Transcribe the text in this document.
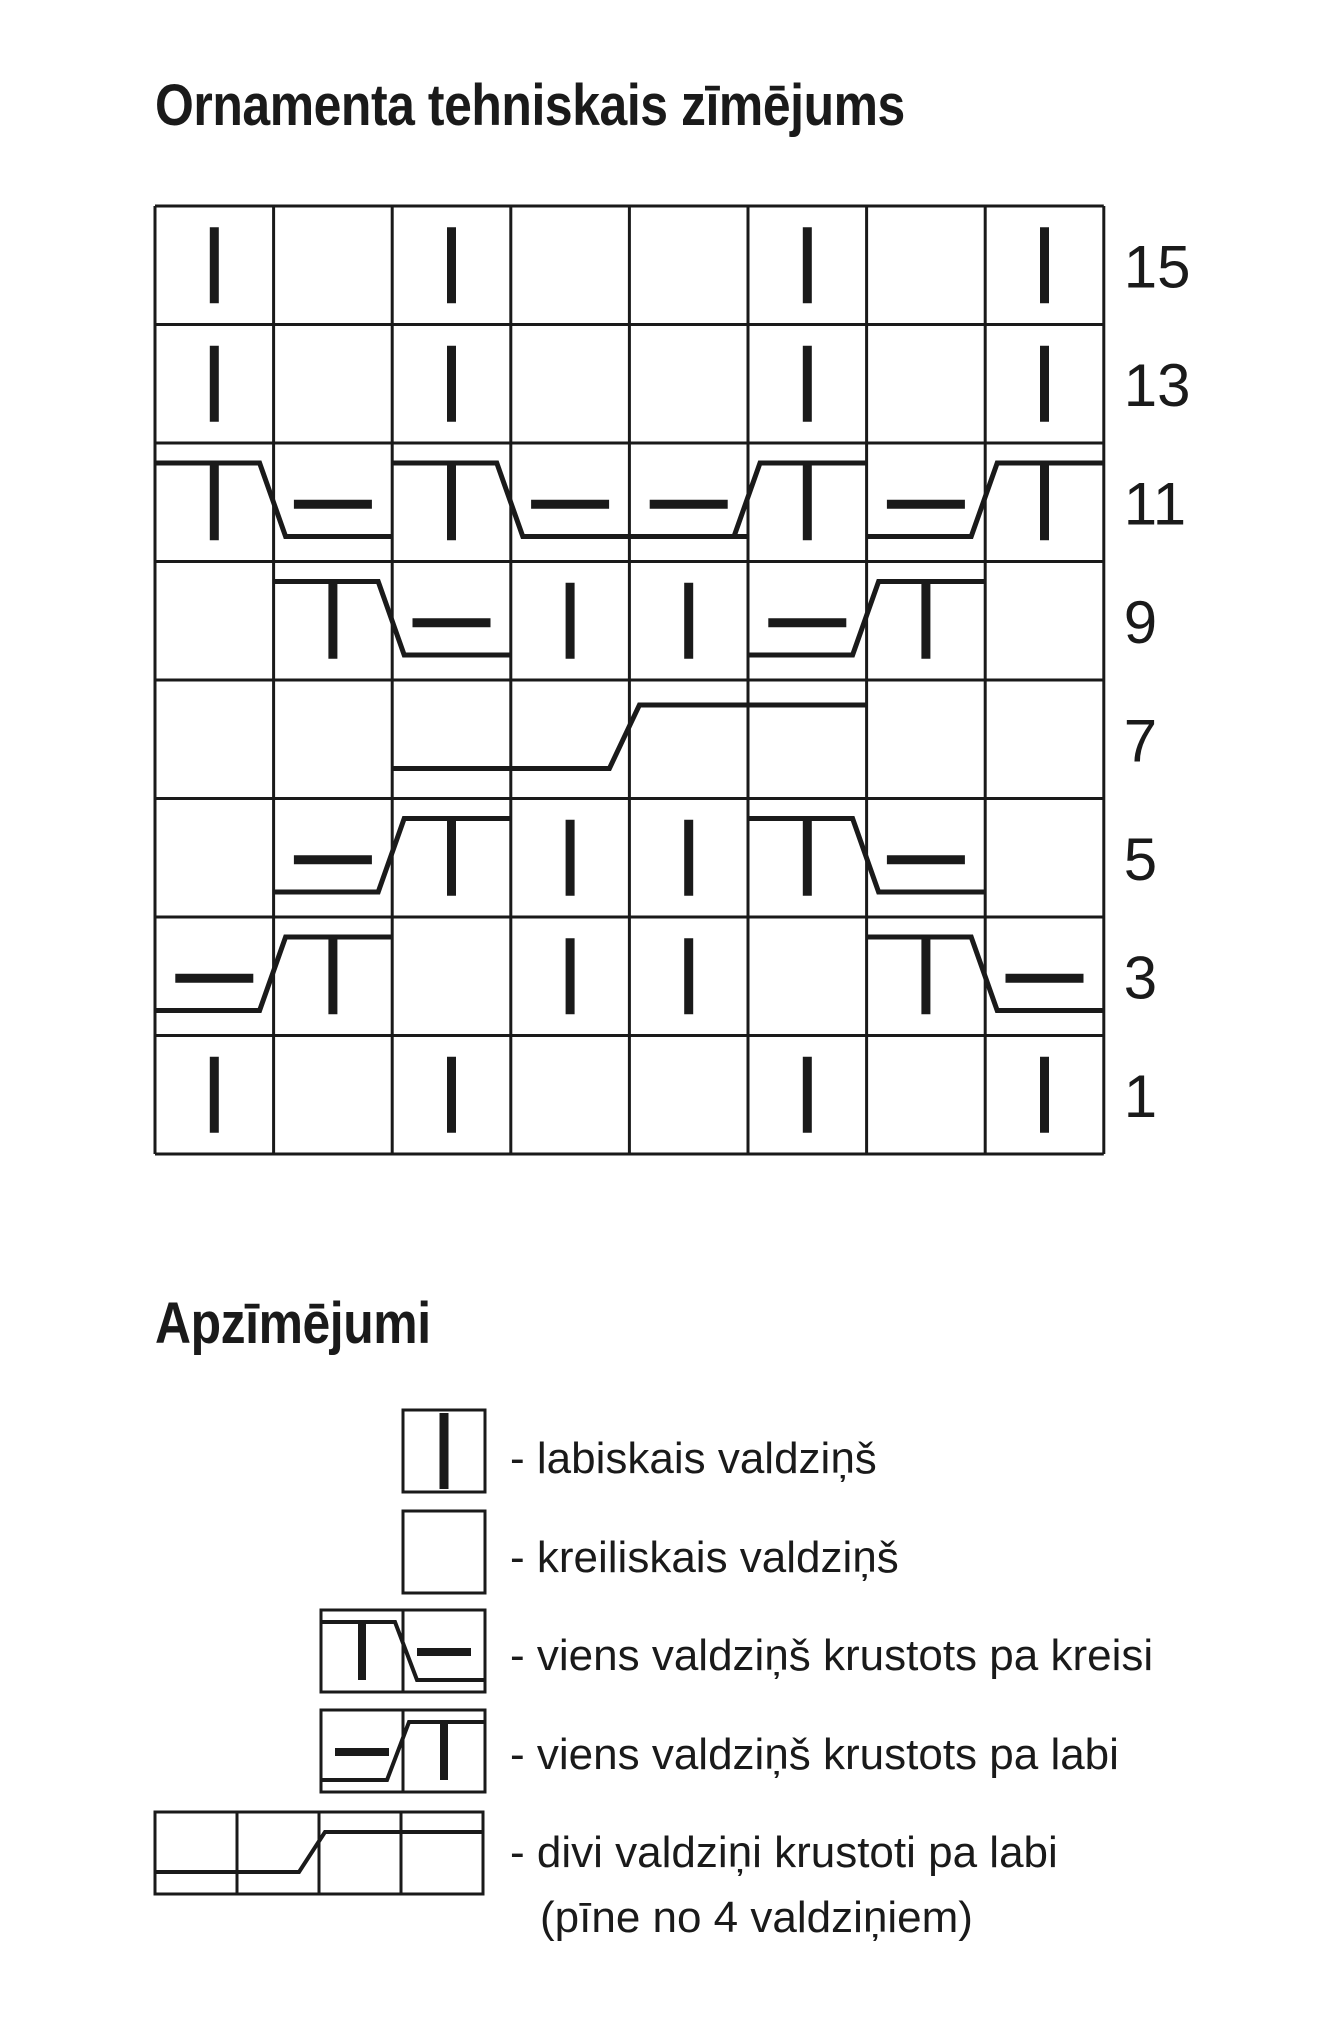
Ornamenta tehniskais zīmējums
15
13
11
9
7
5
3
1
Apzīmējumi
- labiskais valdziņš
- kreiliskais valdziņš
- viens valdziņš krustots pa kreisi
- viens valdziņš krustots pa labi
- divi valdziņi krustoti pa labi
(pīne no 4 valdziņiem)
